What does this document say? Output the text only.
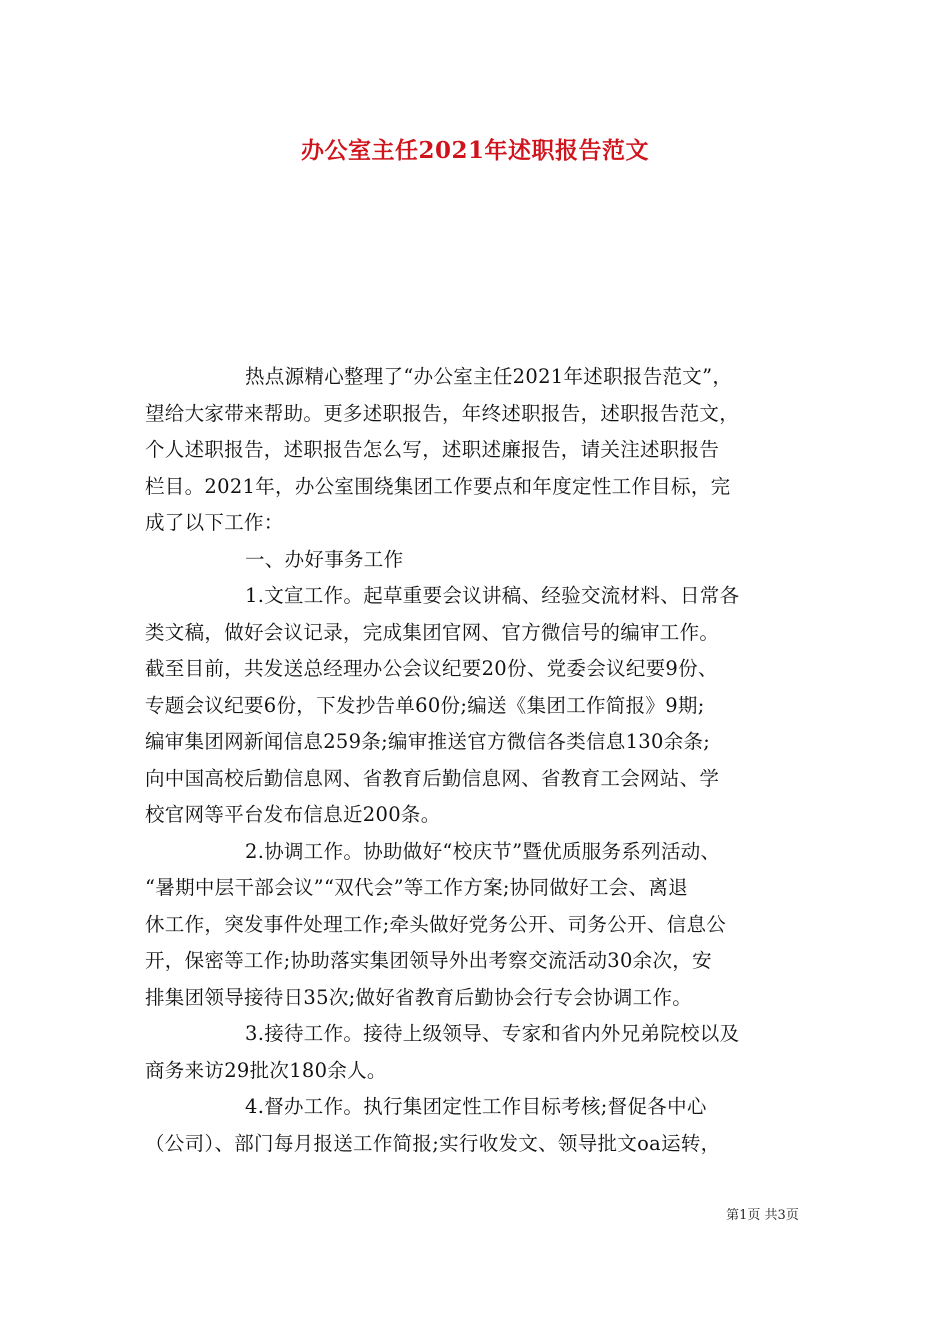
办公室主任2021年述职报告范文
热点源精心整理了“办公室主任2021年述职报告范文”，
望给大家带来帮助。更多述职报告，年终述职报告，述职报告范文，
个人述职报告，述职报告怎么写，述职述廉报告，请关注述职报告
栏目。2021年，办公室围绕集团工作要点和年度定性工作目标，完
成了以下工作：
一、办好事务工作
1.文宣工作。起草重要会议讲稿、经验交流材料、日常各
类文稿，做好会议记录，完成集团官网、官方微信号的编审工作。
截至目前，共发送总经理办公会议纪要20份、党委会议纪要9份、
专题会议纪要6份，下发抄告单60份;编送《集团工作简报》9期;
编审集团网新闻信息259条;编审推送官方微信各类信息130余条;
向中国高校后勤信息网、省教育后勤信息网、省教育工会网站、学
校官网等平台发布信息近200条。
2.协调工作。协助做好“校庆节”暨优质服务系列活动、
“暑期中层干部会议”“双代会”等工作方案;协同做好工会、离退
休工作，突发事件处理工作;牵头做好党务公开、司务公开、信息公
开，保密等工作;协助落实集团领导外出考察交流活动30余次，安
排集团领导接待日35次;做好省教育后勤协会行专会协调工作。
3.接待工作。接待上级领导、专家和省内外兄弟院校以及
商务来访29批次180余人。
4.督办工作。执行集团定性工作目标考核;督促各中心
（公司）、部门每月报送工作简报;实行收发文、领导批文oa运转，
第1页 共3页
